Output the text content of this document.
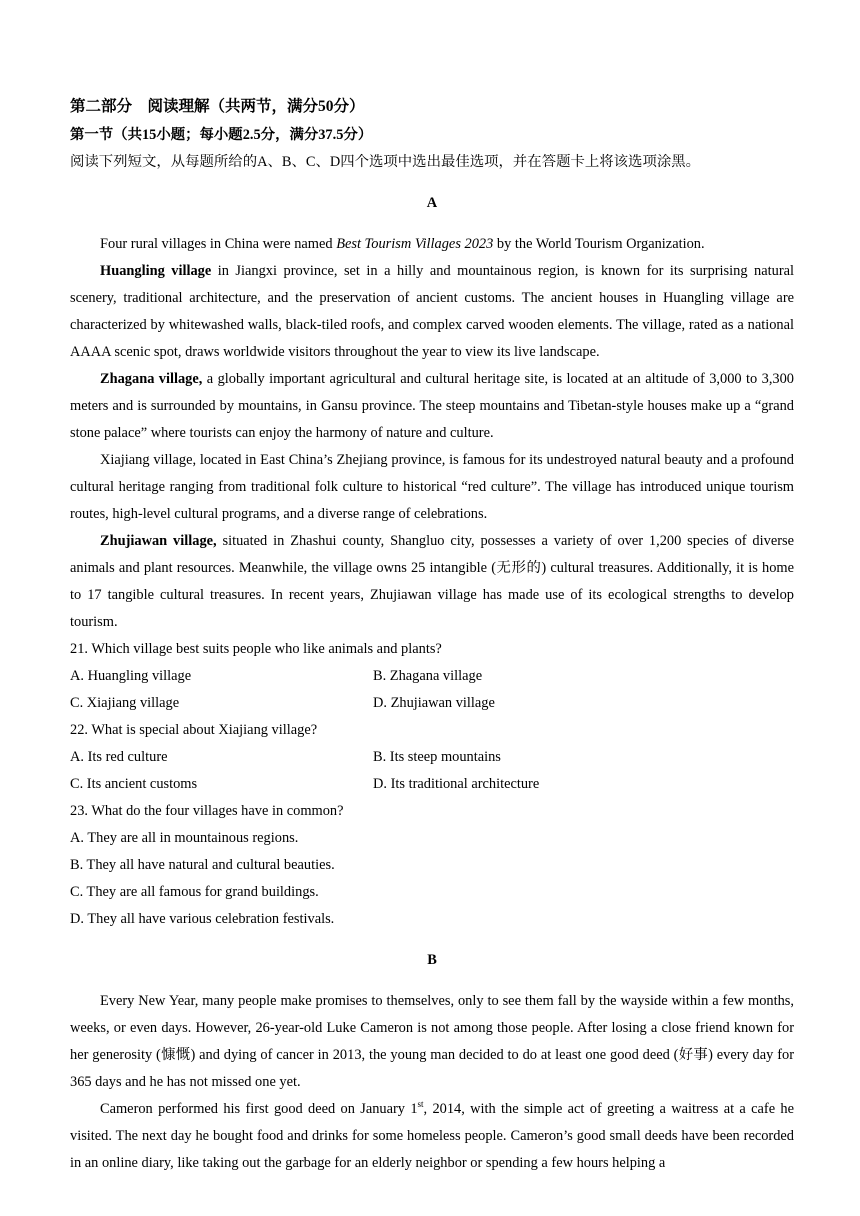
第二部分　阅读理解（共两节，满分50分）

第一节（共15小题；每小题2.5分，满分37.5分）

阅读下列短文，从每题所给的A、B、C、D四个选项中选出最佳选项，并在答题卡上将该选项涂黑。

A

Four rural villages in China were named Best Tourism Villages 2023 by the World Tourism Organization.

Huangling village in Jiangxi province, set in a hilly and mountainous region, is known for its surprising natural scenery, traditional architecture, and the preservation of ancient customs. The ancient houses in Huangling village are characterized by whitewashed walls, black-tiled roofs, and complex carved wooden elements. The village, rated as a national AAAA scenic spot, draws worldwide visitors throughout the year to view its live landscape.

Zhagana village, a globally important agricultural and cultural heritage site, is located at an altitude of 3,000 to 3,300 meters and is surrounded by mountains, in Gansu province. The steep mountains and Tibetan-style houses make up a “grand stone palace” where tourists can enjoy the harmony of nature and culture.

Xiajiang village, located in East China’s Zhejiang province, is famous for its undestroyed natural beauty and a profound cultural heritage ranging from traditional folk culture to historical “red culture”. The village has introduced unique tourism routes, high-level cultural programs, and a diverse range of celebrations.

Zhujiawan village, situated in Zhashui county, Shangluo city, possesses a variety of over 1,200 species of diverse animals and plant resources. Meanwhile, the village owns 25 intangible (无形的) cultural treasures. Additionally, it is home to 17 tangible cultural treasures. In recent years, Zhujiawan village has made use of its ecological strengths to develop tourism.

21. Which village best suits people who like animals and plants?

A. Huangling village	B. Zhagana village
C. Xiajiang village	D. Zhujiawan village

22. What is special about Xiajiang village?

A. Its red culture	B. Its steep mountains
C. Its ancient customs	D. Its traditional architecture

23. What do the four villages have in common?

A. They are all in mountainous regions.

B. They all have natural and cultural beauties.

C. They are all famous for grand buildings.

D. They all have various celebration festivals.

B

Every New Year, many people make promises to themselves, only to see them fall by the wayside within a few months, weeks, or even days. However, 26-year-old Luke Cameron is not among those people. After losing a close friend known for her generosity (慷慨) and dying of cancer in 2013, the young man decided to do at least one good deed (好事) every day for 365 days and he has not missed one yet.

Cameron performed his first good deed on January 1st, 2014, with the simple act of greeting a waitress at a cafe he visited. The next day he bought food and drinks for some homeless people. Cameron’s good small deeds have been recorded in an online diary, like taking out the garbage for an elderly neighbor or spending a few hours helping a
